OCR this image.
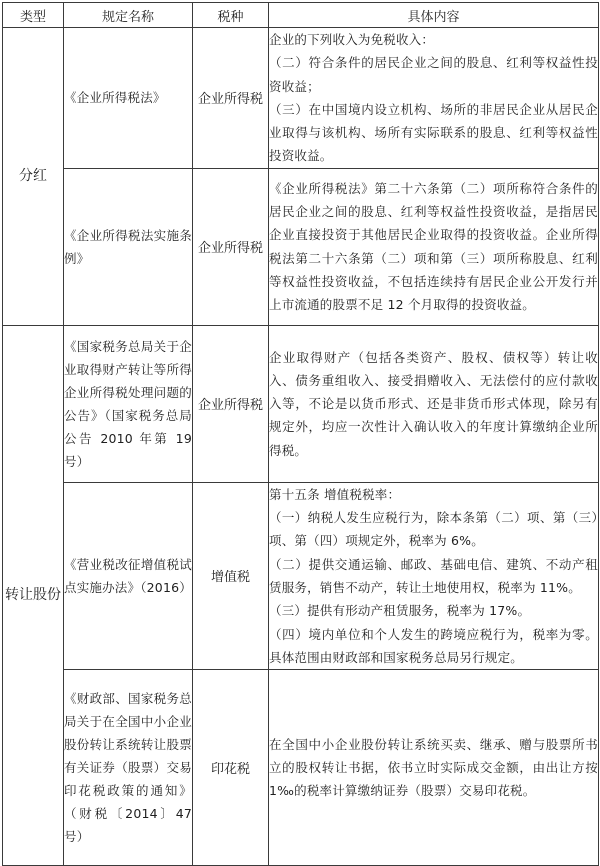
类型	规定名称	税种	具体内容
分红	《企业所得税法》	企业所得税	企业的下列收入为免税收入：
（二）符合条件的居民企业之间的股息、红利等权益性投资收益；
（三）在中国境内设立机构、场所的非居民企业从居民企业取得与该机构、场所有实际联系的股息、红利等权益性投资收益。

	《企业所得税法实施条例》	企业所得税	《企业所得税法》第二十六条第（二）项所称符合条件的居民企业之间的股息、红利等权益性投资收益，是指居民企业直接投资于其他居民企业取得的投资收益。企业所得税法第二十六条第（二）项和第（三）项所称股息、红利等权益性投资收益，不包括连续持有居民企业公开发行并上市流通的股票不足 12 个月取得的投资收益。

转让股份	《国家税务总局关于企业取得财产转让等所得企业所得税处理问题的公告》（国家税务总局公告 2010 年第 19 号）	企业所得税	企业取得财产（包括各类资产、股权、债权等）转让收入、债务重组收入、接受捐赠收入、无法偿付的应付款收入等，不论是以货币形式、还是非货币形式体现，除另有规定外，均应一次性计入确认收入的年度计算缴纳企业所得税。

	《营业税改征增值税试点实施办法》（2016）	增值税	第十五条 增值税税率：
（一）纳税人发生应税行为，除本条第（二）项、第（三）项、第（四）项规定外，税率为 6%。
（二）提供交通运输、邮政、基础电信、建筑、不动产租赁服务，销售不动产，转让土地使用权，税率为 11%。
（三）提供有形动产租赁服务，税率为 17%。
（四）境内单位和个人发生的跨境应税行为，税率为零。具体范围由财政部和国家税务总局另行规定。

	《财政部、国家税务总局关于在全国中小企业股份转让系统转让股票有关证券（股票）交易印花税政策的通知》（财税〔2014〕47 号）	印花税	在全国中小企业股份转让系统买卖、继承、赠与股票所书立的股权转让书据，依书立时实际成交金额，由出让方按 1‰的税率计算缴纳证券（股票）交易印花税。
